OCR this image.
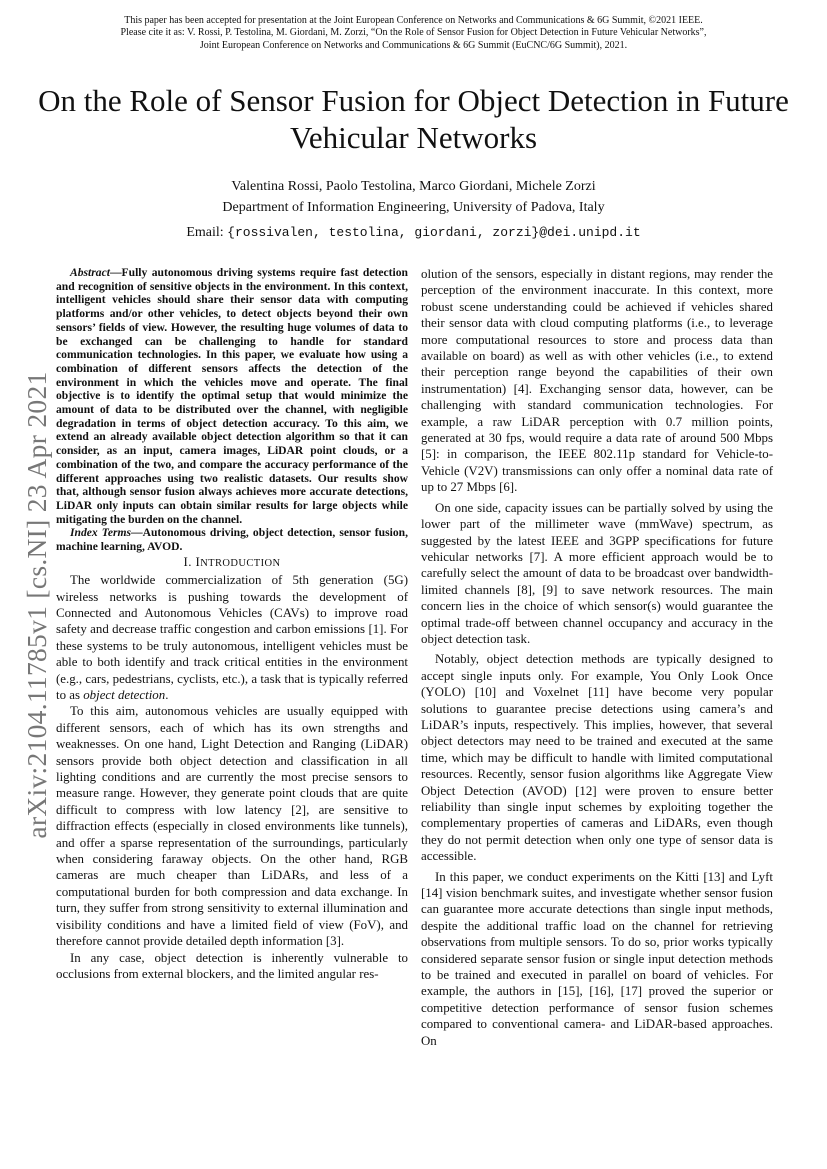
This paper has been accepted for presentation at the Joint European Conference on Networks and Communications & 6G Summit, ©2021 IEEE.
Please cite it as: V. Rossi, P. Testolina, M. Giordani, M. Zorzi, “On the Role of Sensor Fusion for Object Detection in Future Vehicular Networks”,
Joint European Conference on Networks and Communications & 6G Summit (EuCNC/6G Summit), 2021.
On the Role of Sensor Fusion for Object Detection in Future Vehicular Networks
Valentina Rossi, Paolo Testolina, Marco Giordani, Michele Zorzi
Department of Information Engineering, University of Padova, Italy
Email: {rossivalen, testolina, giordani, zorzi}@dei.unipd.it
arXiv:2104.11785v1 [cs.NI] 23 Apr 2021

Abstract—Fully autonomous driving systems require fast detection and recognition of sensitive objects in the environment. In this context, intelligent vehicles should share their sensor data with computing platforms and/or other vehicles, to detect objects beyond their own sensors’ fields of view. However, the resulting huge volumes of data to be exchanged can be challenging to handle for standard communication technologies. In this paper, we evaluate how using a combination of different sensors affects the detection of the environment in which the vehicles move and operate. The final objective is to identify the optimal setup that would minimize the amount of data to be distributed over the channel, with negligible degradation in terms of object detection accuracy. To this aim, we extend an already available object detection algorithm so that it can consider, as an input, camera images, LiDAR point clouds, or a combination of the two, and compare the accuracy performance of the different approaches using two realistic datasets. Our results show that, although sensor fusion always achieves more accurate detections, LiDAR only inputs can obtain similar results for large objects while mitigating the burden on the channel.

Index Terms—Autonomous driving, object detection, sensor fusion, machine learning, AVOD.

I. INTRODUCTION

The worldwide commercialization of 5th generation (5G) wireless networks is pushing towards the development of Connected and Autonomous Vehicles (CAVs) to improve road safety and decrease traffic congestion and carbon emissions [1]. For these systems to be truly autonomous, intelligent vehicles must be able to both identify and track critical entities in the environment (e.g., cars, pedestrians, cyclists, etc.), a task that is typically referred to as object detection.

To this aim, autonomous vehicles are usually equipped with different sensors, each of which has its own strengths and weaknesses. On one hand, Light Detection and Ranging (LiDAR) sensors provide both object detection and classification in all lighting conditions and are currently the most precise sensors to measure range. However, they generate point clouds that are quite difficult to compress with low latency [2], are sensitive to diffraction effects (especially in closed environments like tunnels), and offer a sparse representation of the surroundings, particularly when considering faraway objects. On the other hand, RGB cameras are much cheaper than LiDARs, and less of a computational burden for both compression and data exchange. In turn, they suffer from strong sensitivity to external illumination and visibility conditions and have a limited field of view (FoV), and therefore cannot provide detailed depth information [3].

In any case, object detection is inherently vulnerable to occlusions from external blockers, and the limited angular res-

olution of the sensors, especially in distant regions, may render the perception of the environment inaccurate. In this context, more robust scene understanding could be achieved if vehicles shared their sensor data with cloud computing platforms (i.e., to leverage more computational resources to store and process data than available on board) as well as with other vehicles (i.e., to extend their perception range beyond the capabilities of their own instrumentation) [4]. Exchanging sensor data, however, can be challenging with standard communication technologies. For example, a raw LiDAR perception with 0.7 million points, generated at 30 fps, would require a data rate of around 500 Mbps [5]: in comparison, the IEEE 802.11p standard for Vehicle-to-Vehicle (V2V) transmissions can only offer a nominal data rate of up to 27 Mbps [6].

On one side, capacity issues can be partially solved by using the lower part of the millimeter wave (mmWave) spectrum, as suggested by the latest IEEE and 3GPP specifications for future vehicular networks [7]. A more efficient approach would be to carefully select the amount of data to be broadcast over bandwidth-limited channels [8], [9] to save network resources. The main concern lies in the choice of which sensor(s) would guarantee the optimal trade-off between channel occupancy and accuracy in the object detection task.

Notably, object detection methods are typically designed to accept single inputs only. For example, You Only Look Once (YOLO) [10] and Voxelnet [11] have become very popular solutions to guarantee precise detections using camera’s and LiDAR’s inputs, respectively. This implies, however, that several object detectors may need to be trained and executed at the same time, which may be difficult to handle with limited computational resources. Recently, sensor fusion algorithms like Aggregate View Object Detection (AVOD) [12] were proven to ensure better reliability than single input schemes by exploiting together the complementary properties of cameras and LiDARs, even though they do not permit detection when only one type of sensor data is accessible.

In this paper, we conduct experiments on the Kitti [13] and Lyft [14] vision benchmark suites, and investigate whether sensor fusion can guarantee more accurate detections than single input methods, despite the additional traffic load on the channel for retrieving observations from multiple sensors. To do so, prior works typically considered separate sensor fusion or single input detection methods to be trained and executed in parallel on board of vehicles. For example, the authors in [15], [16], [17] proved the superior or competitive detection performance of sensor fusion schemes compared to conventional camera- and LiDAR-based approaches. On
